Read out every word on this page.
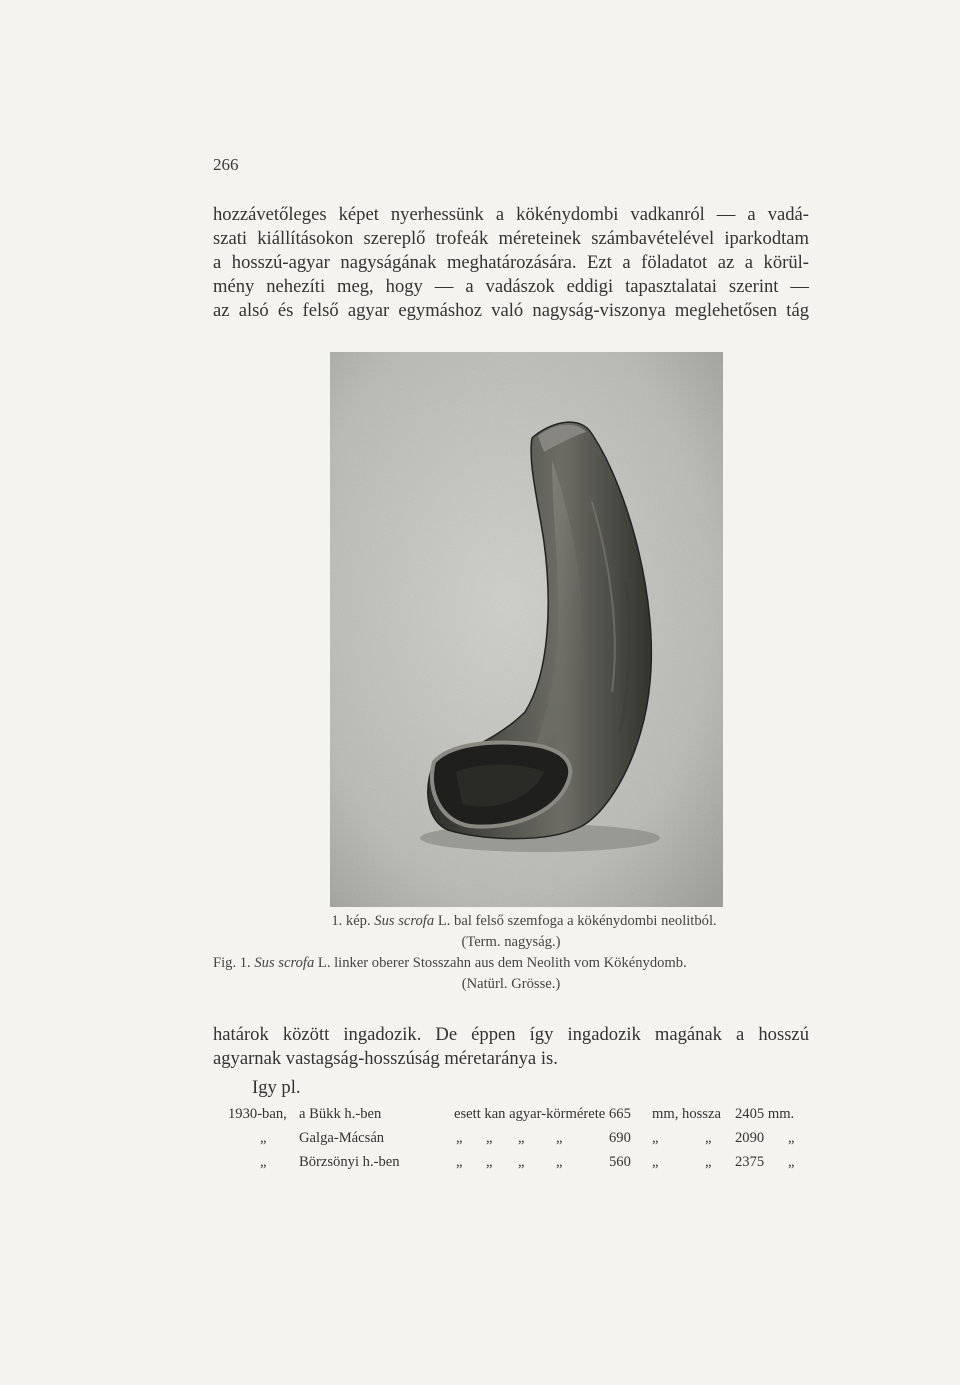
266
hozzávetőleges képet nyerhessünk a kökénydombi vadkanról — a vadá-
szati kiállításokon szereplő trofeák méreteinek számbavételével iparkodtam
a hosszú-agyar nagyságának meghatározására. Ezt a föladatot az a körül-
mény nehezíti meg, hogy — a vadászok eddigi tapasztalatai szerint —
az alsó és felső agyar egymáshoz való nagyság-viszonya meglehetősen tág
1. kép. Sus scrofa L. bal felső szemfoga a kökénydombi neolitból.
(Term. nagyság.)
Fig. 1. Sus scrofa L. linker oberer Stosszahn aus dem Neolith vom Kökénydomb.
(Natürl. Grösse.)
határok között ingadozik. De éppen így ingadozik magának a hosszú
agyarnak vastagság-hosszúság méretaránya is.
Igy pl.
1930-ban, a Bükk h.-ben	esett kan agyar-körmérete 665 mm, hossza 2405 mm.
„ Galga-Mácsán	„ „ „ „	690 „	„ 2090 „
„ Börzsönyi h.-ben	„ „ „ „	560 „	„ 2375 „
